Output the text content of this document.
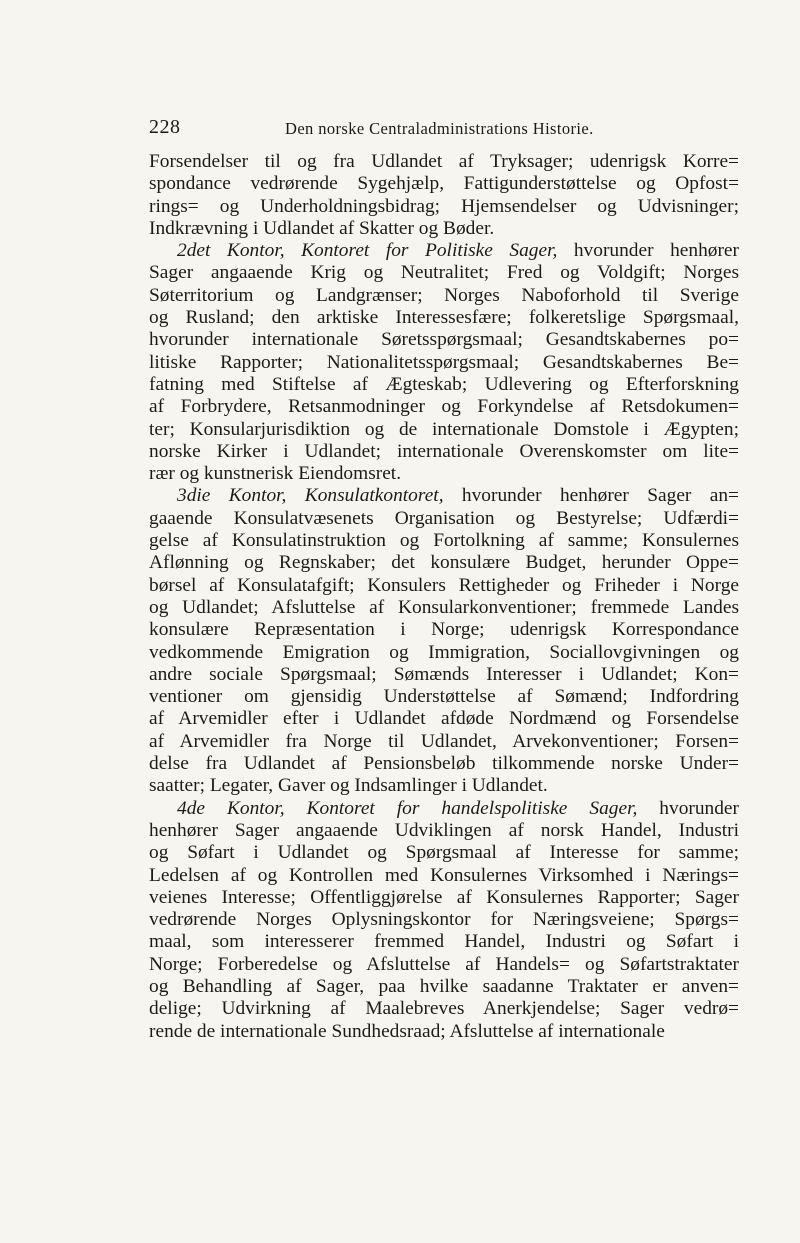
228	Den norske Centraladministrations Historie.
Forsendelser til og fra Udlandet af Tryksager; udenrigsk Korre=
spondance vedrørende Sygehjælp, Fattigunderstøttelse og Opfost=
rings= og Underholdningsbidrag; Hjemsendelser og Udvisninger;
Indkrævning i Udlandet af Skatter og Bøder.
2det Kontor, Kontoret for Politiske Sager, hvorunder henhører
Sager angaaende Krig og Neutralitet; Fred og Voldgift; Norges
Søterritorium og Landgrænser; Norges Naboforhold til Sverige
og Rusland; den arktiske Interessesfære; folkeretslige Spørgsmaal,
hvorunder internationale Søretsspørgsmaal; Gesandtskabernes po=
litiske Rapporter; Nationalitetsspørgsmaal; Gesandtskabernes Be=
fatning med Stiftelse af Ægteskab; Udlevering og Efterforskning
af Forbrydere, Retsanmodninger og Forkyndelse af Retsdokumen=
ter; Konsularjurisdiktion og de internationale Domstole i Ægypten;
norske Kirker i Udlandet; internationale Overenskomster om lite=
rær og kunstnerisk Eiendomsret.
3die Kontor, Konsulatkontoret, hvorunder henhører Sager an=
gaaende Konsulatvæsenets Organisation og Bestyrelse; Udfærdi=
gelse af Konsulatinstruktion og Fortolkning af samme; Konsulernes
Aflønning og Regnskaber; det konsulære Budget, herunder Oppe=
børsel af Konsulatafgift; Konsulers Rettigheder og Friheder i Norge
og Udlandet; Afsluttelse af Konsularkonventioner; fremmede Landes
konsulære Repræsentation i Norge; udenrigsk Korrespondance
vedkommende Emigration og Immigration, Sociallovgivningen og
andre sociale Spørgsmaal; Sømænds Interesser i Udlandet; Kon=
ventioner om gjensidig Understøttelse af Sømænd; Indfordring
af Arvemidler efter i Udlandet afdøde Nordmænd og Forsendelse
af Arvemidler fra Norge til Udlandet, Arvekonventioner; Forsen=
delse fra Udlandet af Pensionsbeløb tilkommende norske Under=
saatter; Legater, Gaver og Indsamlinger i Udlandet.
4de Kontor, Kontoret for handelspolitiske Sager, hvorunder
henhører Sager angaaende Udviklingen af norsk Handel, Industri
og Søfart i Udlandet og Spørgsmaal af Interesse for samme;
Ledelsen af og Kontrollen med Konsulernes Virksomhed i Nærings=
veienes Interesse; Offentliggjørelse af Konsulernes Rapporter; Sager
vedrørende Norges Oplysningskontor for Næringsveiene; Spørgs=
maal, som interesserer fremmed Handel, Industri og Søfart i
Norge; Forberedelse og Afsluttelse af Handels= og Søfartstraktater
og Behandling af Sager, paa hvilke saadanne Traktater er anven=
delige; Udvirkning af Maalebreves Anerkjendelse; Sager vedrø=
rende de internationale Sundhedsraad; Afsluttelse af internationale
